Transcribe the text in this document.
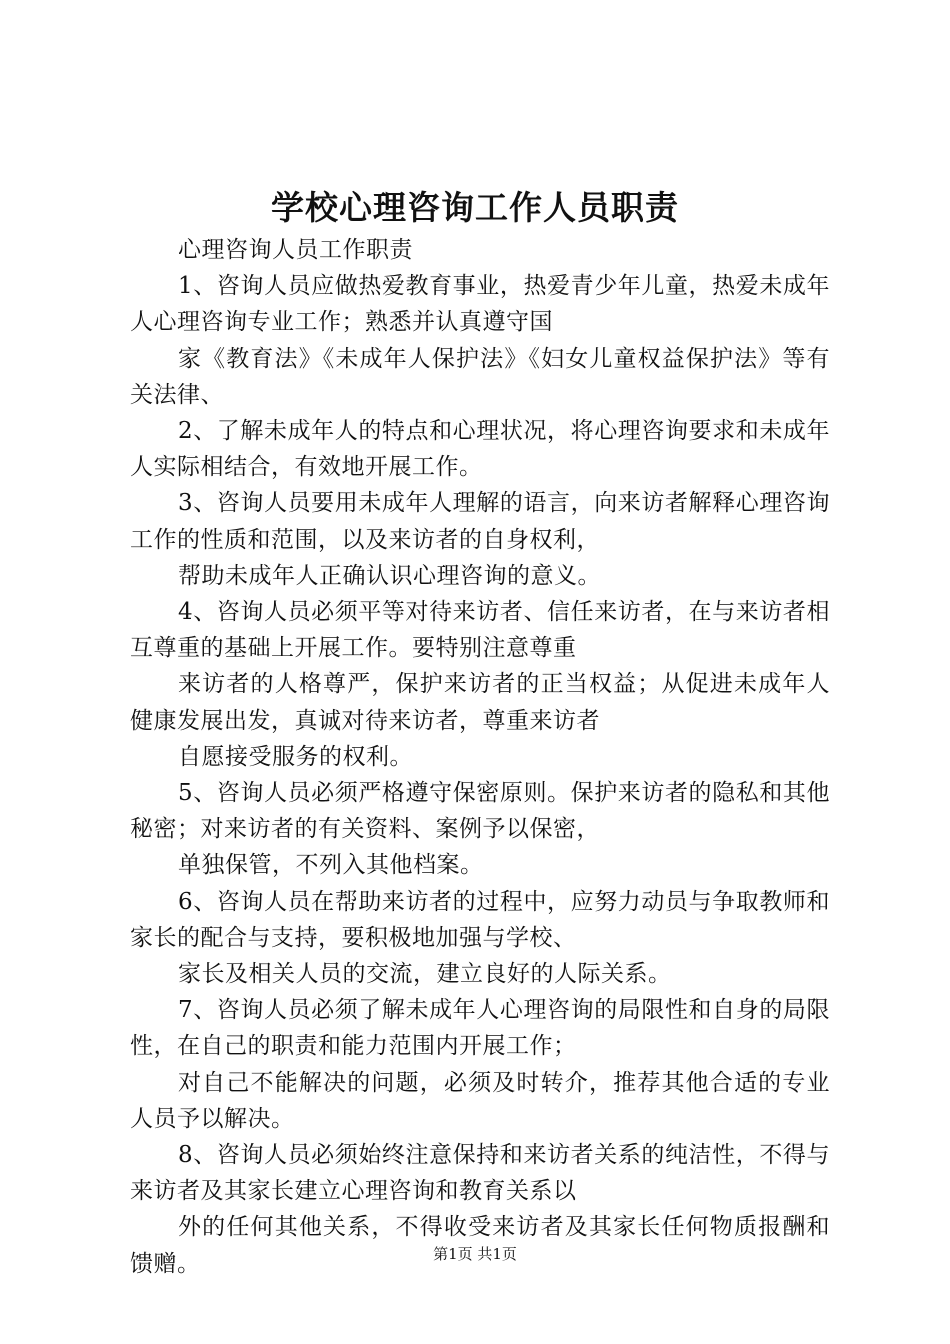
学校心理咨询工作人员职责

心理咨询人员工作职责

1、咨询人员应做热爱教育事业，热爱青少年儿童，热爱未成年人心理咨询专业工作；熟悉并认真遵守国

家《教育法》《未成年人保护法》《妇女儿童权益保护法》等有关法律、

2、了解未成年人的特点和心理状况，将心理咨询要求和未成年人实际相结合，有效地开展工作。

3、咨询人员要用未成年人理解的语言，向来访者解释心理咨询工作的性质和范围，以及来访者的自身权利，

帮助未成年人正确认识心理咨询的意义。

4、咨询人员必须平等对待来访者、信任来访者，在与来访者相互尊重的基础上开展工作。要特别注意尊重

来访者的人格尊严，保护来访者的正当权益；从促进未成年人健康发展出发，真诚对待来访者，尊重来访者

自愿接受服务的权利。

5、咨询人员必须严格遵守保密原则。保护来访者的隐私和其他秘密；对来访者的有关资料、案例予以保密，

单独保管，不列入其他档案。

6、咨询人员在帮助来访者的过程中，应努力动员与争取教师和家长的配合与支持，要积极地加强与学校、

家长及相关人员的交流，建立良好的人际关系。

7、咨询人员必须了解未成年人心理咨询的局限性和自身的局限性，在自己的职责和能力范围内开展工作；

对自己不能解决的问题，必须及时转介，推荐其他合适的专业人员予以解决。

8、咨询人员必须始终注意保持和来访者关系的纯洁性，不得与来访者及其家长建立心理咨询和教育关系以

外的任何其他关系，不得收受来访者及其家长任何物质报酬和馈赠。	第1页 共1页
